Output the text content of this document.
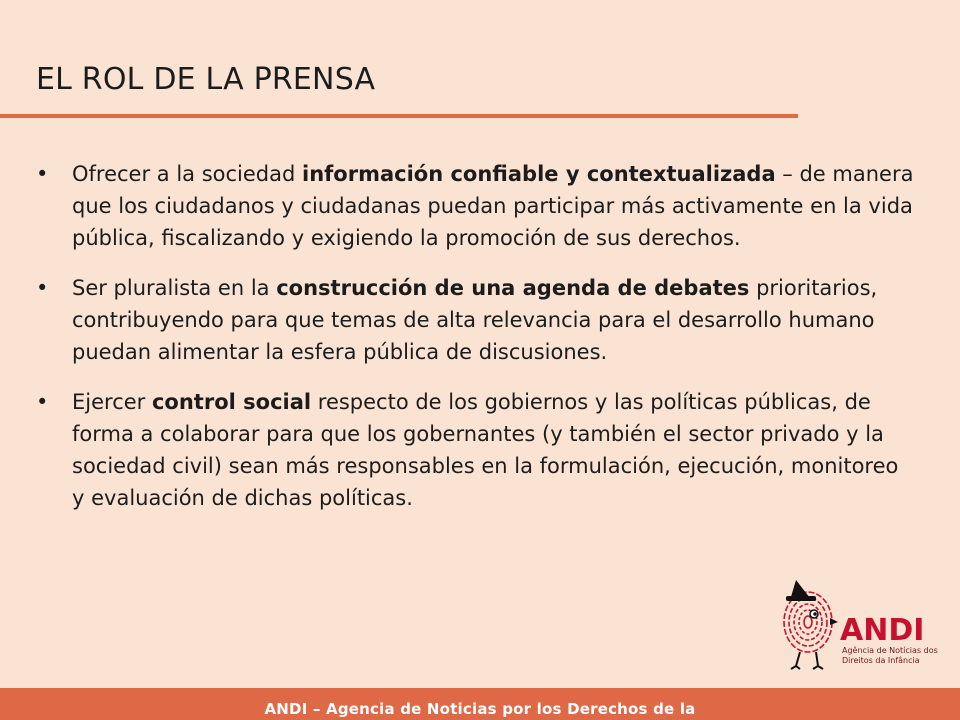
EL ROL DE LA PRENSA
• Ofrecer a la sociedad información confiable y contextualizada – de manera que los ciudadanos y ciudadanas puedan participar más activamente en la vida pública, fiscalizando y exigiendo la promoción de sus derechos.
• Ser pluralista en la construcción de una agenda de debates prioritarios, contribuyendo para que temas de alta relevancia para el desarrollo humano puedan alimentar la esfera pública de discusiones.
• Ejercer control social respecto de los gobiernos y las políticas públicas, de forma a colaborar para que los gobernantes (y también el sector privado y la sociedad civil) sean más responsables en la formulación, ejecución, monitoreo y evaluación de dichas políticas.
ANDI
Agência de Notícias dos
Direitos da Infância
ANDI – Agencia de Noticias por los Derechos de la
